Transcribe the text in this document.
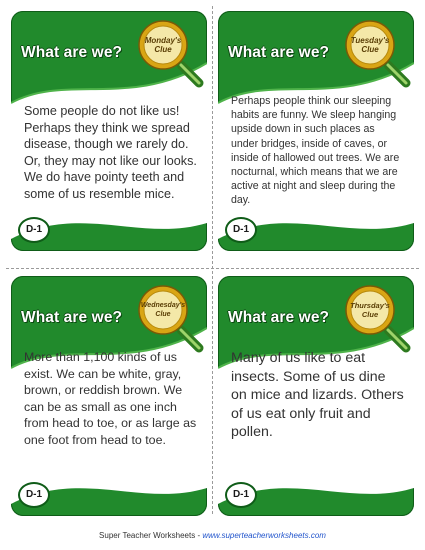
What are we?
Monday's
Clue
Some people do not like us! Perhaps they think we spread disease, though we rarely do. Or, they may not like our looks. We do have pointy teeth and some of us resemble mice.
D-1
What are we?
Tuesday's
Clue
Perhaps people think our sleeping habits are funny. We sleep hanging upside down in such places as under bridges, inside of caves, or inside of hallowed out trees. We are nocturnal, which means that we are active at night and sleep during the day.
D-1
What are we?
Wednesday's
Clue
More than 1,100 kinds of us exist. We can be white, gray, brown, or reddish brown. We can be as small as one inch from head to toe, or as large as one foot from head to toe.
D-1
What are we?
Thursday's
Clue
Many of us like to eat insects. Some of us dine on mice and lizards. Others of us eat only fruit and pollen.
D-1
Super Teacher Worksheets - www.superteacherworksheets.com
